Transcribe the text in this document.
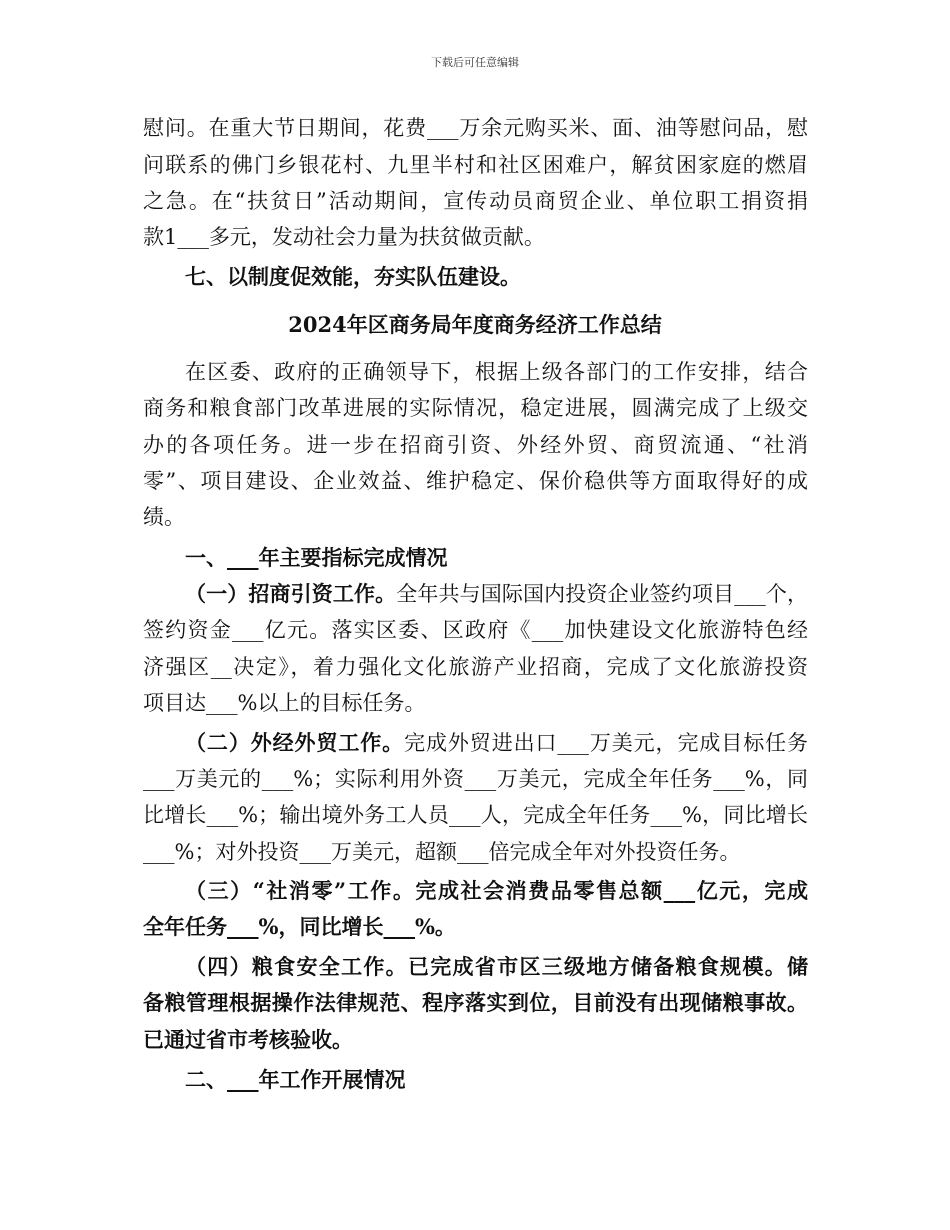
下载后可任意编辑
慰问。在重大节日期间，花费___万余元购买米、面、油等慰问品，慰
问联系的佛门乡银花村、九里半村和社区困难户，解贫困家庭的燃眉
之急。在“扶贫日”活动期间，宣传动员商贸企业、单位职工捐资捐
款1___多元，发动社会力量为扶贫做贡献。
七、以制度促效能，夯实队伍建设。
2024年区商务局年度商务经济工作总结
在区委、政府的正确领导下，根据上级各部门的工作安排，结合
商务和粮食部门改革进展的实际情况，稳定进展，圆满完成了上级交
办的各项任务。进一步在招商引资、外经外贸、商贸流通、“社消
零”、项目建设、企业效益、维护稳定、保价稳供等方面取得好的成
绩。
一、___年主要指标完成情况
（一）招商引资工作。全年共与国际国内投资企业签约项目___个，
签约资金___亿元。落实区委、区政府《___加快建设文化旅游特色经
济强区__决定》，着力强化文化旅游产业招商，完成了文化旅游投资
项目达___%以上的目标任务。
（二）外经外贸工作。完成外贸进出口___万美元，完成目标任务
___万美元的___%；实际利用外资___万美元，完成全年任务___%，同
比增长___%；输出境外务工人员___人，完成全年任务___%，同比增长
___%；对外投资___万美元，超额___倍完成全年对外投资任务。
（三）“社消零”工作。完成社会消费品零售总额___亿元，完成
全年任务___%，同比增长___%。
（四）粮食安全工作。已完成省市区三级地方储备粮食规模。储
备粮管理根据操作法律规范、程序落实到位，目前没有出现储粮事故。
已通过省市考核验收。
二、___年工作开展情况
